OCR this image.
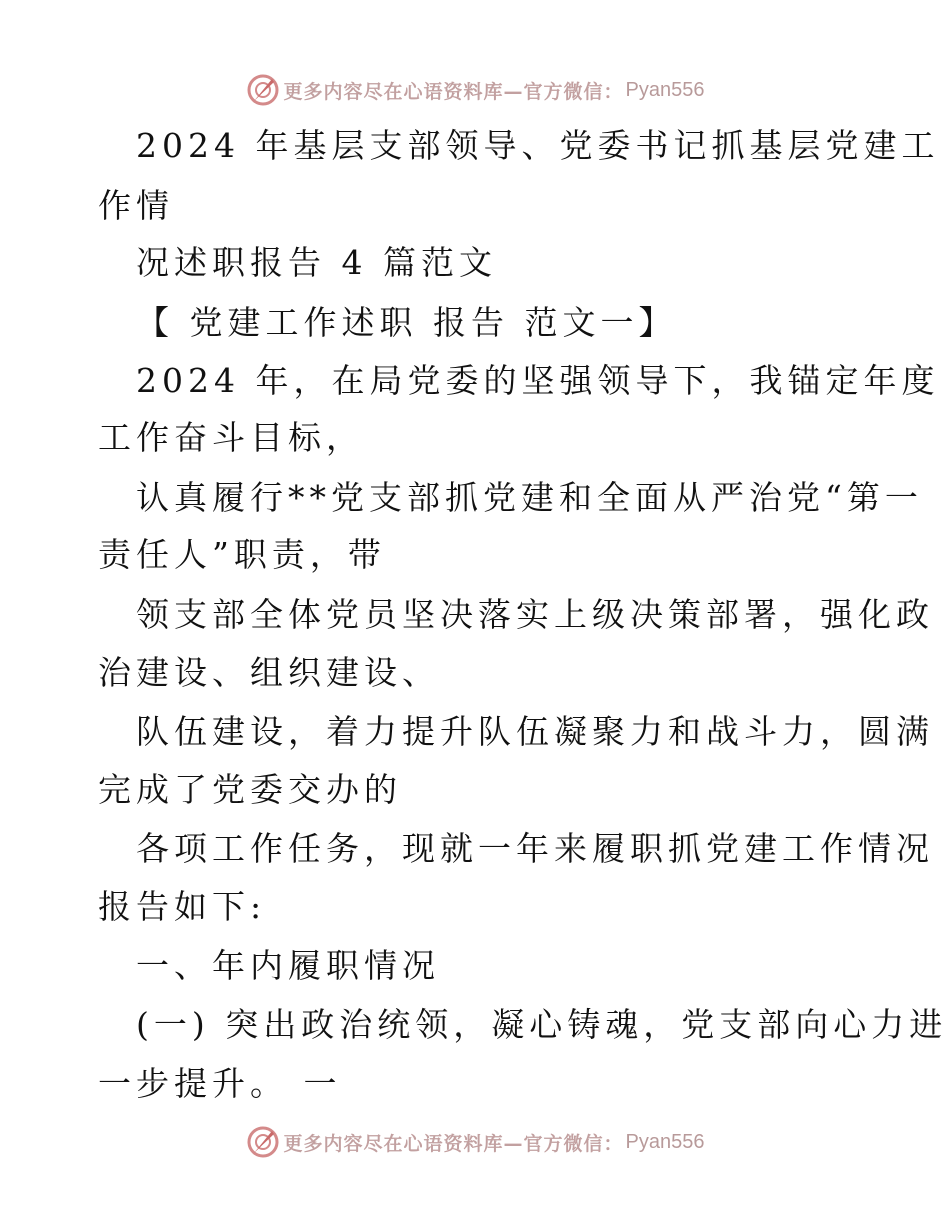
更多内容尽在心语资料库—官方微信： Pyan556
2024 年基层支部领导、党委书记抓基层党建工
作情
况述职报告 4 篇范文
【 党建工作述职 报告 范文一】
2024 年，在局党委的坚强领导下，我锚定年度
工作奋斗目标，
认真履行**党支部抓党建和全面从严治党“第一
责任人”职责，带
领支部全体党员坚决落实上级决策部署，强化政
治建设、组织建设、
队伍建设，着力提升队伍凝聚力和战斗力，圆满
完成了党委交办的
各项工作任务，现就一年来履职抓党建工作情况
报告如下:
一、年内履职情况
(一) 突出政治统领，凝心铸魂，党支部向心力进
一步提升。 一
更多内容尽在心语资料库—官方微信： Pyan556
